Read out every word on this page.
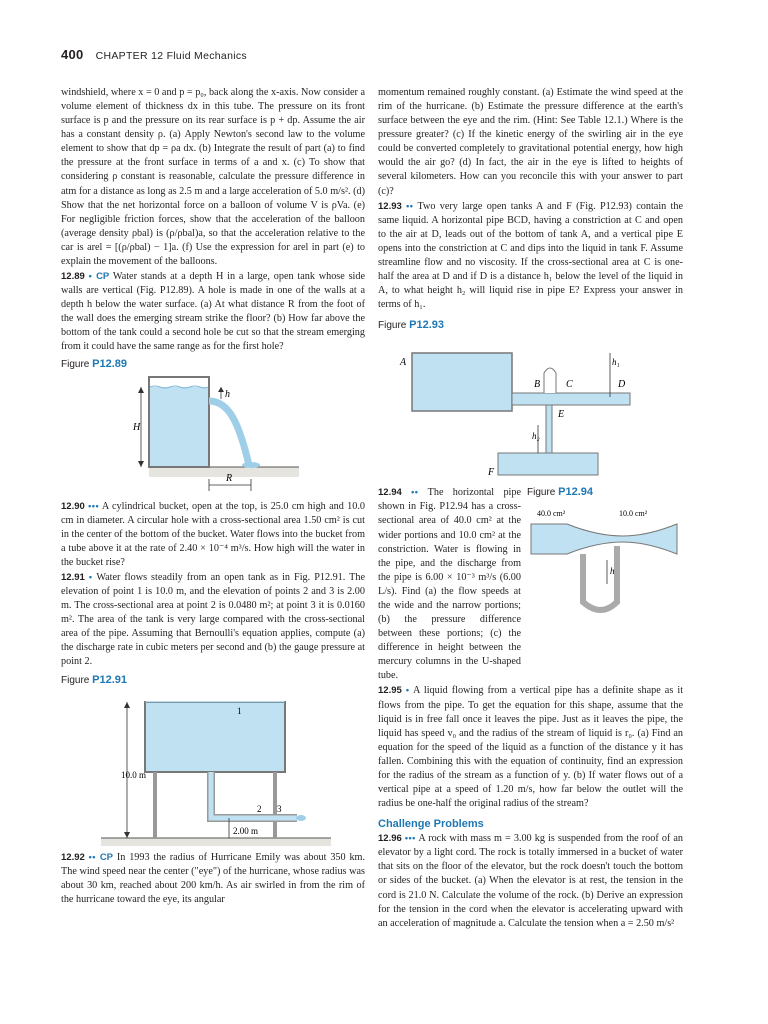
400 CHAPTER 12 Fluid Mechanics

windshield, where x = 0 and p = p₀, back along the x-axis. Now consider a volume element of thickness dx in this tube. The pressure on its front surface is p and the pressure on its rear surface is p + dp. Assume the air has a constant density ρ. (a) Apply Newton's second law to the volume element to show that dp = ρa dx. (b) Integrate the result of part (a) to find the pressure at the front surface in terms of a and x. (c) To show that considering ρ constant is reasonable, calculate the pressure difference in atm for a distance as long as 2.5 m and a large acceleration of 5.0 m/s². (d) Show that the net horizontal force on a balloon of volume V is ρVa. (e) For negligible friction forces, show that the acceleration of the balloon (average density ρbal) is (ρ/ρbal)a, so that the acceleration relative to the car is arel = [(ρ/ρbal) − 1]a. (f) Use the expression for arel in part (e) to explain the movement of the balloons.

12.89 • CP Water stands at a depth H in a large, open tank whose side walls are vertical (Fig. P12.89). A hole is made in one of the walls at a depth h below the water surface. (a) At what distance R from the foot of the wall does the emerging stream strike the floor? (b) How far above the bottom of the tank could a second hole be cut so that the stream emerging from it could have the same range as for the first hole?

Figure P12.89
H
h
R

12.90 ••• A cylindrical bucket, open at the top, is 25.0 cm high and 10.0 cm in diameter. A circular hole with a cross-sectional area 1.50 cm² is cut in the center of the bottom of the bucket. Water flows into the bucket from a tube above it at the rate of 2.40 × 10⁻⁴ m³/s. How high will the water in the bucket rise?

12.91 • Water flows steadily from an open tank as in Fig. P12.91. The elevation of point 1 is 10.0 m, and the elevation of points 2 and 3 is 2.00 m. The cross-sectional area at point 2 is 0.0480 m²; at point 3 it is 0.0160 m². The area of the tank is very large compared with the cross-sectional area of the pipe. Assuming that Bernoulli's equation applies, compute (a) the discharge rate in cubic meters per second and (b) the gauge pressure at point 2.

Figure P12.91
1
2 3
10.0 m
2.00 m

12.92 •• CP In 1993 the radius of Hurricane Emily was about 350 km. The wind speed near the center ("eye") of the hurricane, whose radius was about 30 km, reached about 200 km/h. As air swirled in from the rim of the hurricane toward the eye, its angular

momentum remained roughly constant. (a) Estimate the wind speed at the rim of the hurricane. (b) Estimate the pressure difference at the earth's surface between the eye and the rim. (Hint: See Table 12.1.) Where is the pressure greater? (c) If the kinetic energy of the swirling air in the eye could be converted completely to gravitational potential energy, how high would the air go? (d) In fact, the air in the eye is lifted to heights of several kilometers. How can you reconcile this with your answer to part (c)?

12.93 •• Two very large open tanks A and F (Fig. P12.93) contain the same liquid. A horizontal pipe BCD, having a constriction at C and open to the air at D, leads out of the bottom of tank A, and a vertical pipe E opens into the constriction at C and dips into the liquid in tank F. Assume streamline flow and no viscosity. If the cross-sectional area at C is one-half the area at D and if D is a distance h₁ below the level of the liquid in A, to what height h₂ will liquid rise in pipe E? Express your answer in terms of h₁.

Figure P12.93
A
B	C	D
E
F
h₁
h₂

12.94 •• The horizontal pipe shown in Fig. P12.94 has a cross-sectional area of 40.0 cm² at the wider portions and 10.0 cm² at the constriction. Water is flowing in the pipe, and the discharge from the pipe is 6.00 × 10⁻³ m³/s (6.00 L/s). Find (a) the flow speeds at the wide and the narrow portions; (b) the pressure difference between these portions; (c) the difference in height between the mercury columns in the U-shaped tube.

Figure P12.94
40.0 cm²	10.0 cm²
h

12.95 • A liquid flowing from a vertical pipe has a definite shape as it flows from the pipe. To get the equation for this shape, assume that the liquid is in free fall once it leaves the pipe. Just as it leaves the pipe, the liquid has speed v₀ and the radius of the stream of liquid is r₀. (a) Find an equation for the speed of the liquid as a function of the distance y it has fallen. Combining this with the equation of continuity, find an expression for the radius of the stream as a function of y. (b) If water flows out of a vertical pipe at a speed of 1.20 m/s, how far below the outlet will the radius be one-half the original radius of the stream?

Challenge Problems

12.96 ••• A rock with mass m = 3.00 kg is suspended from the roof of an elevator by a light cord. The rock is totally immersed in a bucket of water that sits on the floor of the elevator, but the rock doesn't touch the bottom or sides of the bucket. (a) When the elevator is at rest, the tension in the cord is 21.0 N. Calculate the volume of the rock. (b) Derive an expression for the tension in the cord when the elevator is accelerating upward with an acceleration of magnitude a. Calculate the tension when a = 2.50 m/s²
